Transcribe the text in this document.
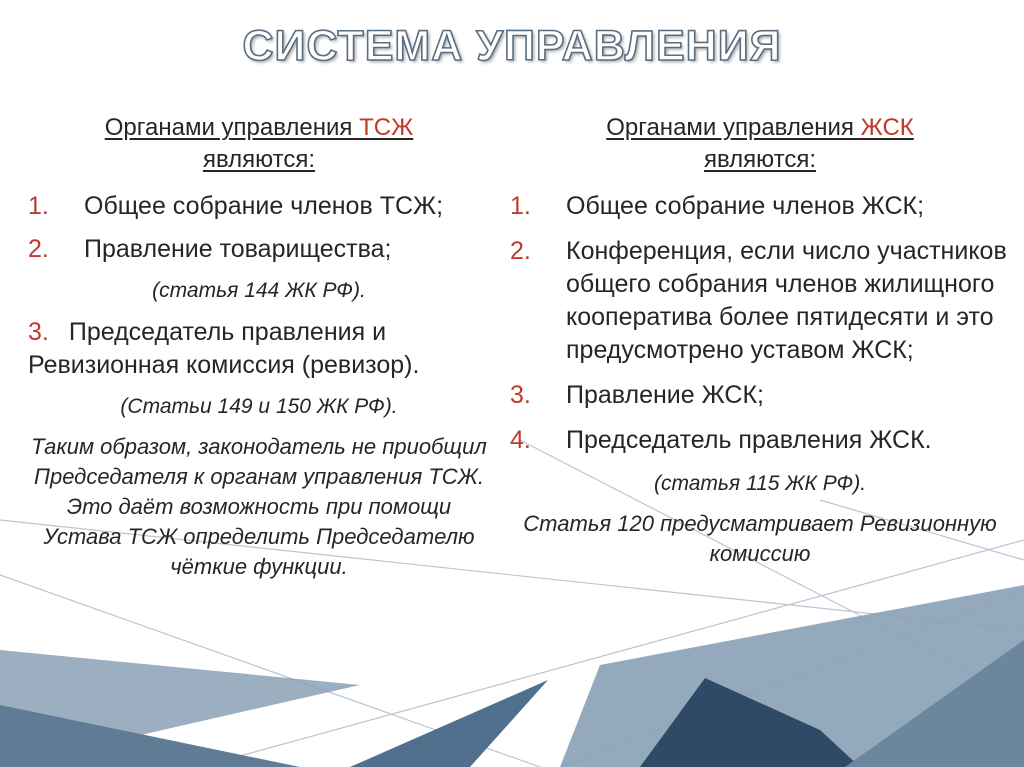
СИСТЕМА УПРАВЛЕНИЯ
Органами управления ТСЖ
являются:
1. Общее собрание членов ТСЖ;
2. Правление товарищества;
(статья 144 ЖК РФ).
3. Председатель правления и Ревизионная комиссия (ревизор).
(Статьи 149 и 150 ЖК РФ).
Таким образом, законодатель не приобщил Председателя к органам управления ТСЖ. Это даёт возможность при помощи Устава ТСЖ определить Председателю чёткие функции.
Органами управления ЖСК
являются:
1. Общее собрание членов ЖСК;
2. Конференция, если число участников общего собрания членов жилищного кооператива более пятидесяти и это предусмотрено уставом ЖСК;
3. Правление ЖСК;
4. Председатель правления ЖСК.
(статья 115 ЖК РФ).
Статья 120 предусматривает Ревизионную комиссию
